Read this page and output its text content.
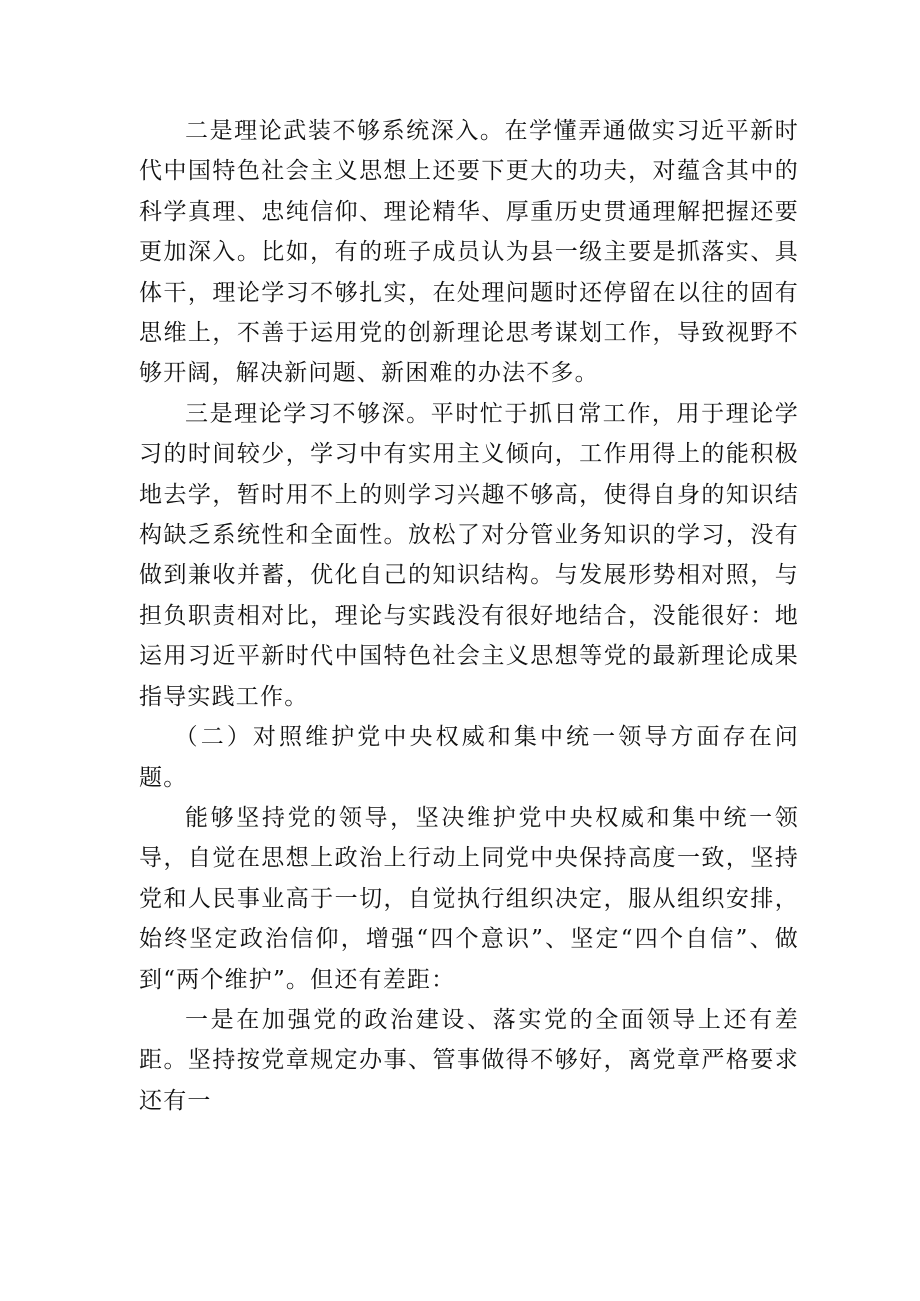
二是理论武装不够系统深入。在学懂弄通做实习近平新时代中国特色社会主义思想上还要下更大的功夫，对蕴含其中的科学真理、忠纯信仰、理论精华、厚重历史贯通理解把握还要更加深入。比如，有的班子成员认为县一级主要是抓落实、具体干，理论学习不够扎实，在处理问题时还停留在以往的固有思维上，不善于运用党的创新理论思考谋划工作，导致视野不够开阔，解决新问题、新困难的办法不多。

三是理论学习不够深。平时忙于抓日常工作，用于理论学习的时间较少，学习中有实用主义倾向，工作用得上的能积极地去学，暂时用不上的则学习兴趣不够高，使得自身的知识结构缺乏系统性和全面性。放松了对分管业务知识的学习，没有做到兼收并蓄，优化自己的知识结构。与发展形势相对照，与担负职责相对比，理论与实践没有很好地结合，没能很好：地运用习近平新时代中国特色社会主义思想等党的最新理论成果指导实践工作。

（二）对照维护党中央权威和集中统一领导方面存在问题。

能够坚持党的领导，坚决维护党中央权威和集中统一领导，自觉在思想上政治上行动上同党中央保持高度一致，坚持党和人民事业高于一切，自觉执行组织决定，服从组织安排，始终坚定政治信仰，增强“四个意识”、坚定“四个自信”、做到“两个维护”。但还有差距：

一是在加强党的政治建设、落实党的全面领导上还有差距。坚持按党章规定办事、管事做得不够好，离党章严格要求还有一
